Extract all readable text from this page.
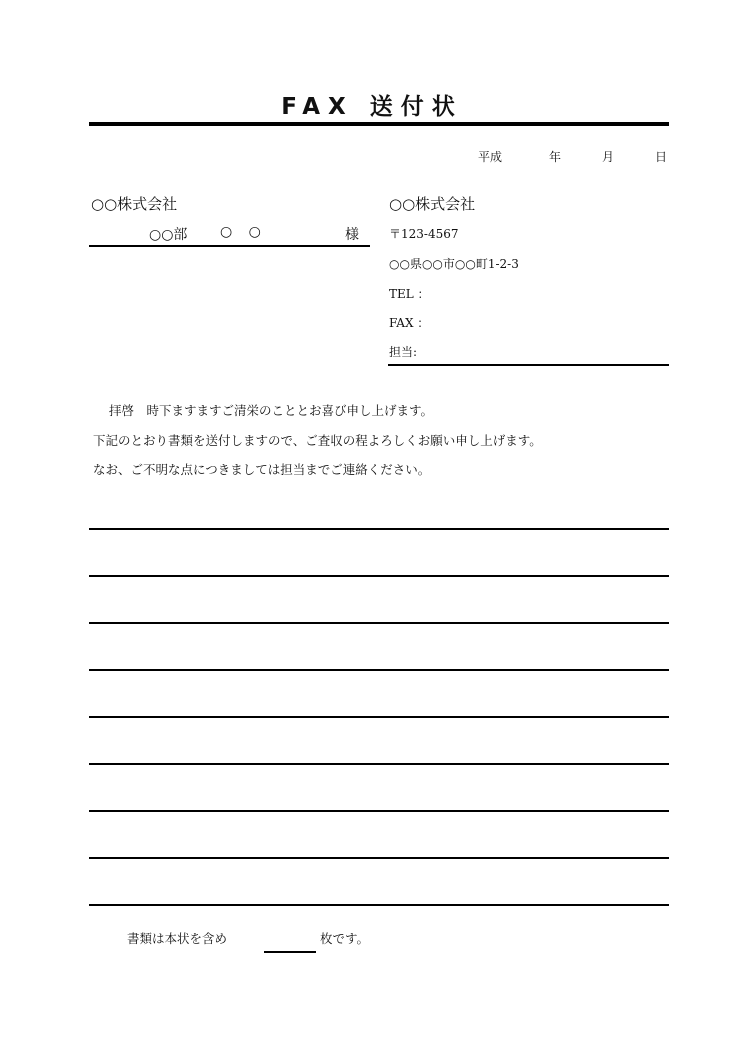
FAX 送付状
平成	年	月	日
○○株式会社
○○部 ○ ○	様
○○株式会社
〒123-4567
○○県○○市○○町1-2-3
TEL ：
FAX ：
担当:
拝啓　時下ますますご清栄のこととお喜び申し上げます。
下記のとおり書類を送付しますので、ご査収の程よろしくお願い申し上げます。
なお、ご不明な点につきましては担当までご連絡ください。
書類は本状を含め	枚です。
